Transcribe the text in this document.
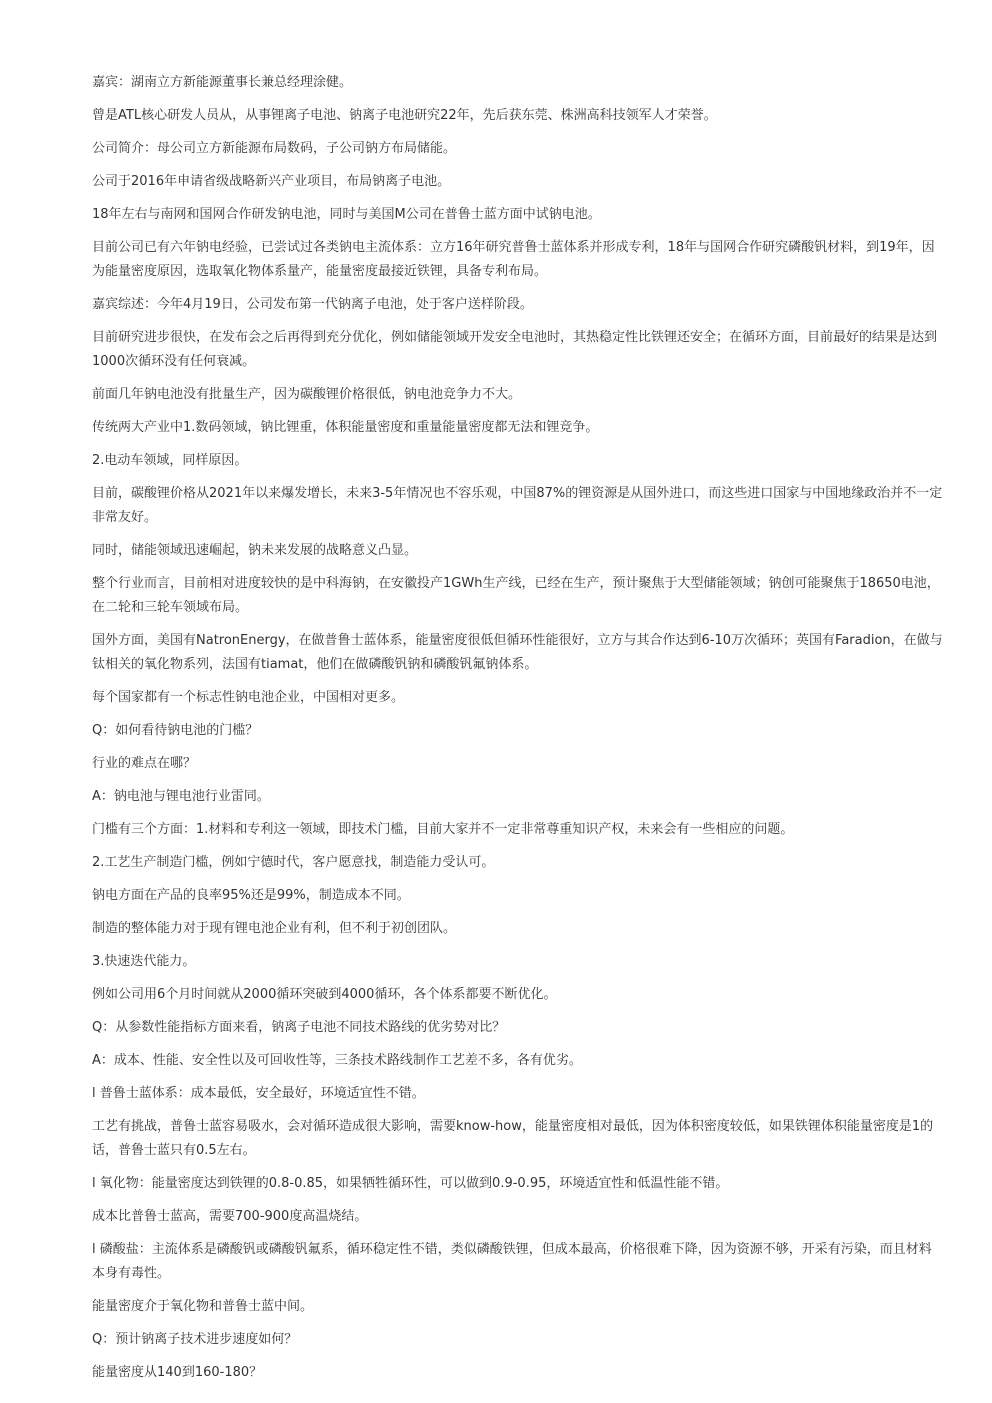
嘉宾：湖南立方新能源董事长兼总经理涂健。

曾是ATL核心研发人员从，从事锂离子电池、钠离子电池研究22年，先后获东莞、株洲高科技领军人才荣誉。

公司简介：母公司立方新能源布局数码，子公司钠方布局储能。

公司于2016年申请省级战略新兴产业项目，布局钠离子电池。

18年左右与南网和国网合作研发钠电池，同时与美国M公司在普鲁士蓝方面中试钠电池。

目前公司已有六年钠电经验，已尝试过各类钠电主流体系：立方16年研究普鲁士蓝体系并形成专利，18年与国网合作研究磷酸钒材料，到19年，因为能量密度原因，选取氧化物体系量产，能量密度最接近铁锂，具备专利布局。

嘉宾综述：今年4月19日，公司发布第一代钠离子电池，处于客户送样阶段。

目前研究进步很快，在发布会之后再得到充分优化，例如储能领域开发安全电池时，其热稳定性比铁锂还安全；在循环方面，目前最好的结果是达到1000次循环没有任何衰减。

前面几年钠电池没有批量生产，因为碳酸锂价格很低，钠电池竞争力不大。

传统两大产业中1.数码领域，钠比锂重，体积能量密度和重量能量密度都无法和锂竞争。

2.电动车领域，同样原因。

目前，碳酸锂价格从2021年以来爆发增长，未来3-5年情况也不容乐观，中国87%的锂资源是从国外进口，而这些进口国家与中国地缘政治并不一定非常友好。

同时，储能领域迅速崛起，钠未来发展的战略意义凸显。

整个行业而言，目前相对进度较快的是中科海钠，在安徽投产1GWh生产线，已经在生产，预计聚焦于大型储能领域；钠创可能聚焦于18650电池，在二轮和三轮车领域布局。

国外方面，美国有NatronEnergy，在做普鲁士蓝体系，能量密度很低但循环性能很好，立方与其合作达到6-10万次循环；英国有Faradion，在做与钛相关的氧化物系列，法国有tiamat，他们在做磷酸钒钠和磷酸钒氟钠体系。

每个国家都有一个标志性钠电池企业，中国相对更多。

Q：如何看待钠电池的门槛？

行业的难点在哪？

A：钠电池与锂电池行业雷同。

门槛有三个方面：1.材料和专利这一领域，即技术门槛，目前大家并不一定非常尊重知识产权，未来会有一些相应的问题。

2.工艺生产制造门槛，例如宁德时代，客户愿意找，制造能力受认可。

钠电方面在产品的良率95%还是99%，制造成本不同。

制造的整体能力对于现有锂电池企业有利，但不利于初创团队。

3.快速迭代能力。

例如公司用6个月时间就从2000循环突破到4000循环，各个体系都要不断优化。

Q：从参数性能指标方面来看，钠离子电池不同技术路线的优劣势对比？

A：成本、性能、安全性以及可回收性等，三条技术路线制作工艺差不多，各有优劣。

l 普鲁士蓝体系：成本最低，安全最好，环境适宜性不错。

工艺有挑战，普鲁士蓝容易吸水，会对循环造成很大影响，需要know-how，能量密度相对最低，因为体积密度较低，如果铁锂体积能量密度是1的话，普鲁士蓝只有0.5左右。

l 氧化物：能量密度达到铁锂的0.8-0.85，如果牺牲循环性，可以做到0.9-0.95，环境适宜性和低温性能不错。

成本比普鲁士蓝高，需要700-900度高温烧结。

l 磷酸盐：主流体系是磷酸钒或磷酸钒氟系，循环稳定性不错，类似磷酸铁锂，但成本最高，价格很难下降，因为资源不够，开采有污染，而且材料本身有毒性。

能量密度介于氧化物和普鲁士蓝中间。

Q：预计钠离子技术进步速度如何？

能量密度从140到160-180？
